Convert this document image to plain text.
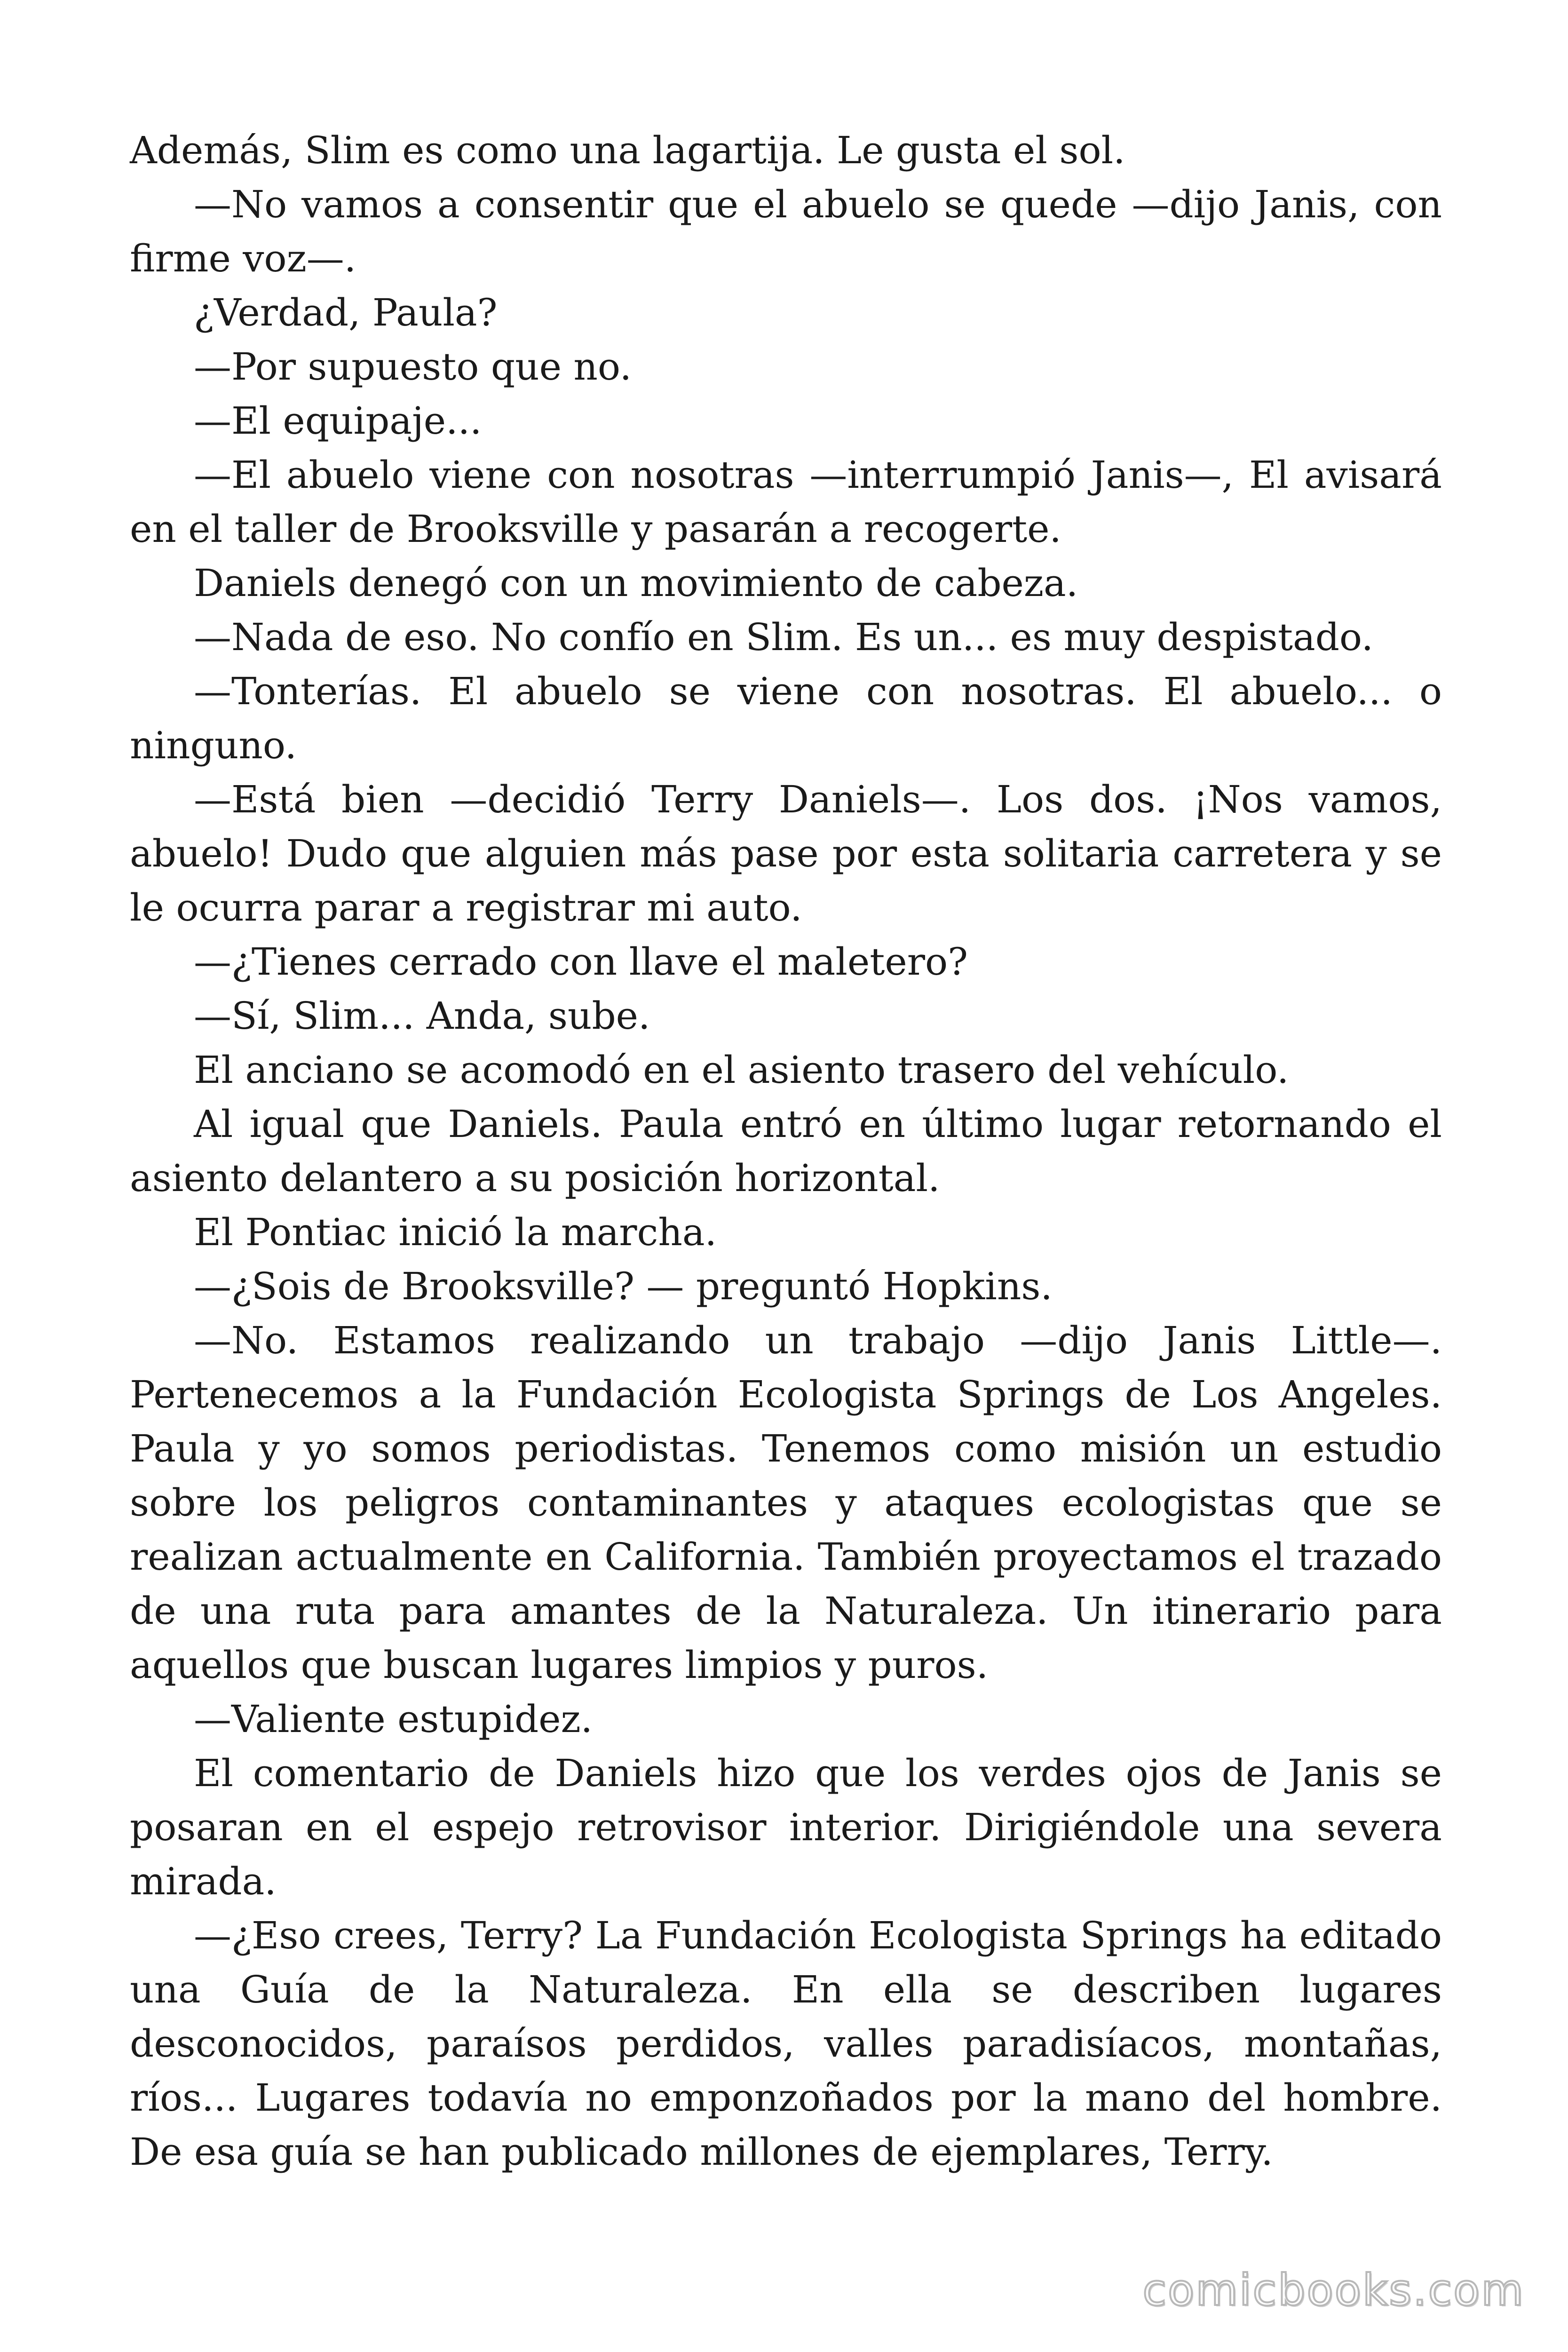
Además, Slim es como una lagartija. Le gusta el sol.

—No vamos a consentir que el abuelo se quede —dijo Janis, con firme voz—.

¿Verdad, Paula?

—Por supuesto que no.

—El equipaje...

—El abuelo viene con nosotras —interrumpió Janis—, El avisará en el taller de Brooksville y pasarán a recogerte.

Daniels denegó con un movimiento de cabeza.

—Nada de eso. No confío en Slim. Es un... es muy despistado.

—Tonterías. El abuelo se viene con nosotras. El abuelo... o ninguno.

—Está bien —decidió Terry Daniels—. Los dos. ¡Nos vamos, abuelo! Dudo que alguien más pase por esta solitaria carretera y se le ocurra parar a registrar mi auto.

—¿Tienes cerrado con llave el maletero?

—Sí, Slim... Anda, sube.

El anciano se acomodó en el asiento trasero del vehículo.

Al igual que Daniels. Paula entró en último lugar retornando el asiento delantero a su posición horizontal.

El Pontiac inició la marcha.

—¿Sois de Brooksville? — preguntó Hopkins.

—No. Estamos realizando un trabajo —dijo Janis Little—. Pertenecemos a la Fundación Ecologista Springs de Los Angeles. Paula y yo somos periodistas. Tenemos como misión un estudio sobre los peligros contaminantes y ataques ecologistas que se realizan actualmente en California. También proyectamos el trazado de una ruta para amantes de la Naturaleza. Un itinerario para aquellos que buscan lugares limpios y puros.

—Valiente estupidez.

El comentario de Daniels hizo que los verdes ojos de Janis se posaran en el espejo retrovisor interior. Dirigiéndole una severa mirada.

—¿Eso crees, Terry? La Fundación Ecologista Springs ha editado una Guía de la Naturaleza. En ella se describen lugares desconocidos, paraísos perdidos, valles paradisíacos, montañas, ríos... Lugares todavía no emponzoñados por la mano del hombre. De esa guía se han publicado millones de ejemplares, Terry.

comicbooks.com
